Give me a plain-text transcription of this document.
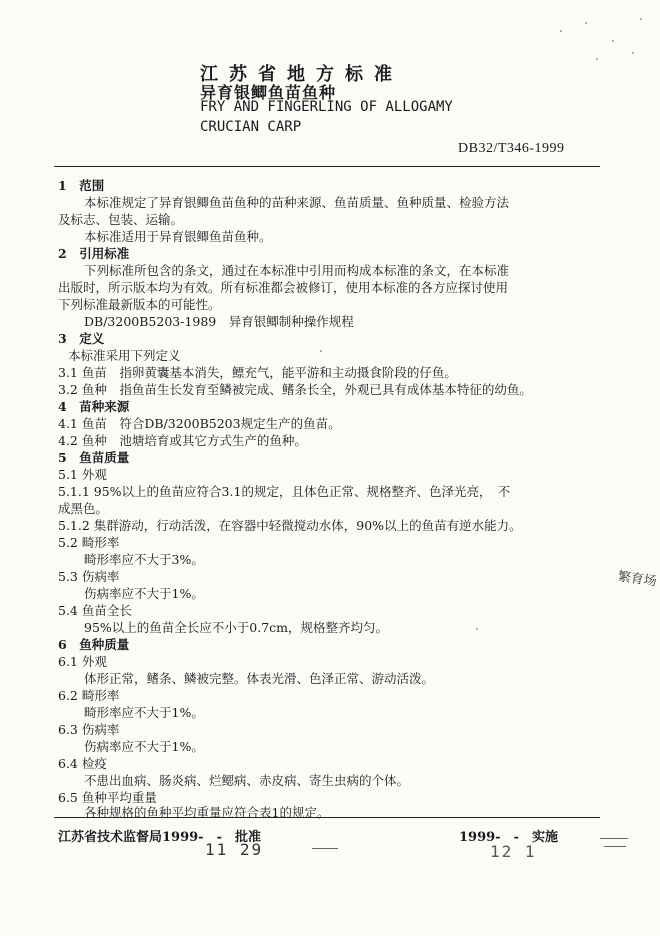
江苏省地方标准
异育银鲫鱼苗鱼种
FRY AND FINGERLING OF ALLOGAMY
CRUCIAN CARP
DB32/T346-1999
1　范围
本标准规定了异育银鲫鱼苗鱼种的苗种来源、鱼苗质量、鱼种质量、检验方法
及标志、包装、运输。
本标准适用于异育银鲫鱼苗鱼种。
2　引用标准
下列标准所包含的条文，通过在本标准中引用而构成本标准的条文，在本标准
出版时，所示版本均为有效。所有标准都会被修订，使用本标准的各方应探讨使用
下列标准最新版本的可能性。
DB/3200B5203-1989　异育银鲫制种操作规程
3　定义
本标准采用下列定义
3.1 鱼苗　指卵黄囊基本消失，鳔充气，能平游和主动摄食阶段的仔鱼。
3.2 鱼种　指鱼苗生长发育至鳞被完成、鳍条长全，外观已具有成体基本特征的幼鱼。
4　苗种来源
4.1 鱼苗　符合DB/3200B5203规定生产的鱼苗。
4.2 鱼种　池塘培育或其它方式生产的鱼种。
5　鱼苗质量
5.1 外观
5.1.1 95%以上的鱼苗应符合3.1的规定，且体色正常、规格整齐、色泽光亮，　不
成黑色。
5.1.2 集群游动，行动活泼，在容器中轻微搅动水体，90%以上的鱼苗有逆水能力。
5.2 畸形率
畸形率应不大于3%。
5.3 伤病率
伤病率应不大于1%。
5.4 鱼苗全长
95%以上的鱼苗全长应不小于0.7cm，规格整齐均匀。
6　鱼种质量
6.1 外观
体形正常，鳍条、鳞被完整。体表光滑、色泽正常、游动活泼。
6.2 畸形率
畸形率应不大于1%。
6.3 伤病率
伤病率应不大于1%。
6.4 检疫
不患出血病、肠炎病、烂鳃病、赤皮病、寄生虫病的个体。
6.5 鱼种平均重量
各种规格的鱼种平均重量应符合表1的规定。
江苏省技术监督局1999-　-　批准	1999-　-　实施
11 29	12 1
繁育场
